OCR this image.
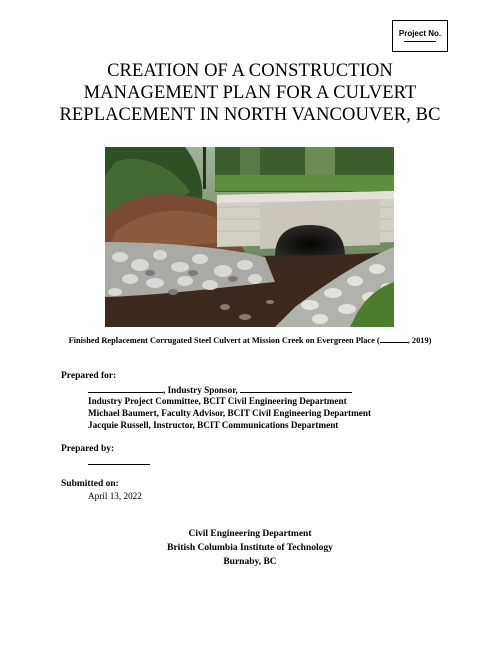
Project No.
CREATION OF A CONSTRUCTION
MANAGEMENT PLAN FOR A CULVERT
REPLACEMENT IN NORTH VANCOUVER, BC
Finished Replacement Corrugated Steel Culvert at Mission Creek on Evergreen Place (	, 2019)
Prepared for:
, Industry Sponsor,
Industry Project Committee, BCIT Civil Engineering Department
Michael Baumert, Faculty Advisor, BCIT Civil Engineering Department
Jacquie Russell, Instructor, BCIT Communications Department
Prepared by:
Submitted on:
April 13, 2022
Civil Engineering Department
British Columbia Institute of Technology
Burnaby, BC
